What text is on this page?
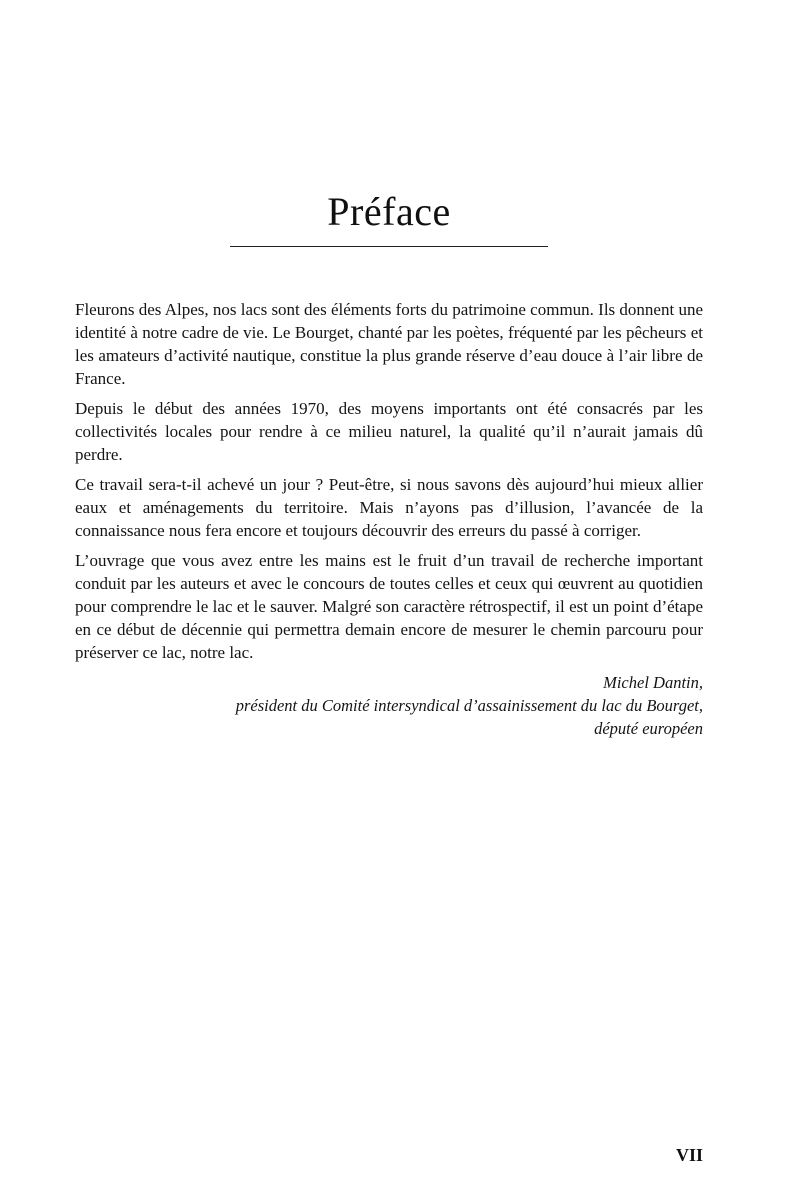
Préface

Fleurons des Alpes, nos lacs sont des éléments forts du patrimoine commun. Ils donnent une identité à notre cadre de vie. Le Bourget, chanté par les poètes, fréquenté par les pêcheurs et les amateurs d’activité nautique, constitue la plus grande réserve d’eau douce à l’air libre de France.

Depuis le début des années 1970, des moyens importants ont été consacrés par les collectivités locales pour rendre à ce milieu naturel, la qualité qu’il n’aurait jamais dû perdre.

Ce travail sera-t-il achevé un jour ? Peut-être, si nous savons dès aujourd’hui mieux allier eaux et aménagements du territoire. Mais n’ayons pas d’illusion, l’avancée de la connaissance nous fera encore et toujours découvrir des erreurs du passé à corriger.

L’ouvrage que vous avez entre les mains est le fruit d’un travail de recherche important conduit par les auteurs et avec le concours de toutes celles et ceux qui œuvrent au quotidien pour comprendre le lac et le sauver. Malgré son caractère rétrospectif, il est un point d’étape en ce début de décennie qui permettra demain encore de mesurer le chemin parcouru pour préserver ce lac, notre lac.

Michel Dantin,
président du Comité intersyndical d’assainissement du lac du Bourget,
député européen
VII
